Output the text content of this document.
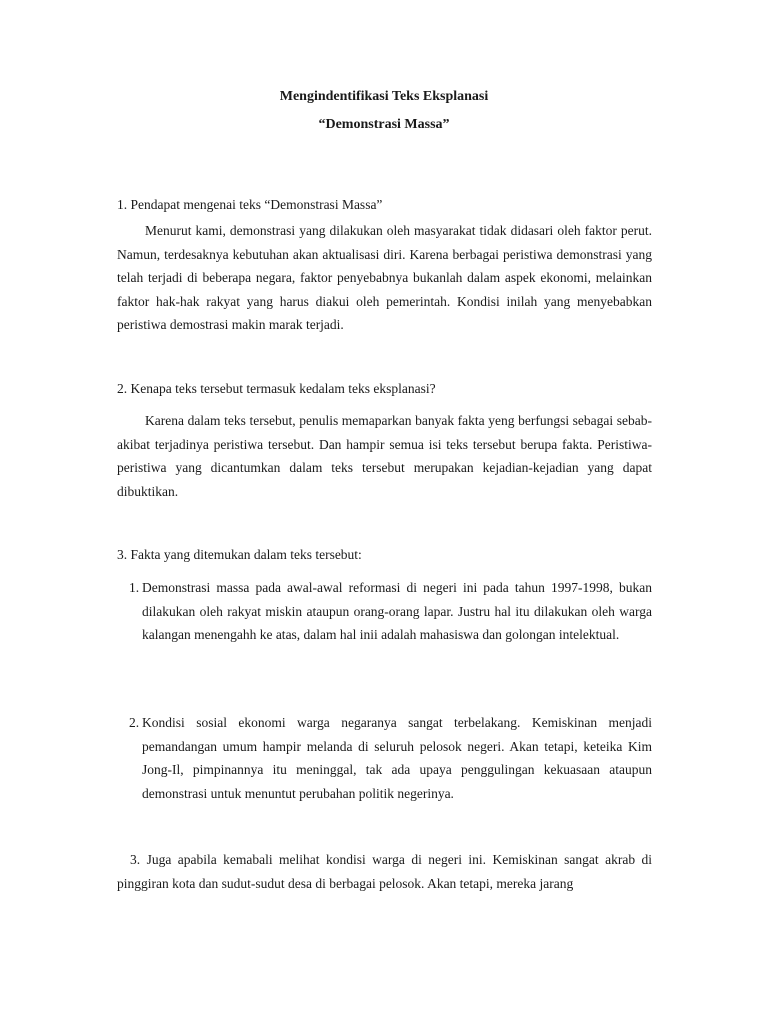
Mengindentifikasi Teks Eksplanasi
“Demonstrasi Massa”

1. Pendapat mengenai teks “Demonstrasi Massa”

Menurut kami, demonstrasi yang dilakukan oleh masyarakat tidak didasari oleh faktor perut. Namun, terdesaknya kebutuhan akan aktualisasi diri. Karena berbagai peristiwa demonstrasi yang telah terjadi di beberapa negara, faktor penyebabnya bukanlah dalam aspek ekonomi, melainkan faktor hak-hak rakyat yang harus diakui oleh pemerintah. Kondisi inilah yang menyebabkan peristiwa demostrasi makin marak terjadi.

2. Kenapa teks tersebut termasuk kedalam teks eksplanasi?

Karena dalam teks tersebut, penulis memaparkan banyak fakta yeng berfungsi sebagai sebab-akibat terjadinya peristiwa tersebut. Dan hampir semua isi teks tersebut berupa fakta. Peristiwa-peristiwa yang dicantumkan dalam teks tersebut merupakan kejadian-kejadian yang dapat dibuktikan.

3. Fakta yang ditemukan dalam teks tersebut:

1. Demonstrasi massa pada awal-awal reformasi di negeri ini pada tahun 1997-1998, bukan dilakukan oleh rakyat miskin ataupun orang-orang lapar. Justru hal itu dilakukan oleh warga kalangan menengahh ke atas, dalam hal inii adalah mahasiswa dan golongan intelektual.
2. Kondisi sosial ekonomi warga negaranya sangat terbelakang. Kemiskinan menjadi pemandangan umum hampir melanda di seluruh pelosok negeri. Akan tetapi, keteika Kim Jong-Il, pimpinannya itu meninggal, tak ada upaya penggulingan kekuasaan ataupun demonstrasi untuk menuntut perubahan politik negerinya.
3. Juga apabila kemabali melihat kondisi warga di negeri ini. Kemiskinan sangat akrab di pinggiran kota dan sudut-sudut desa di berbagai pelosok. Akan tetapi, mereka jarang
